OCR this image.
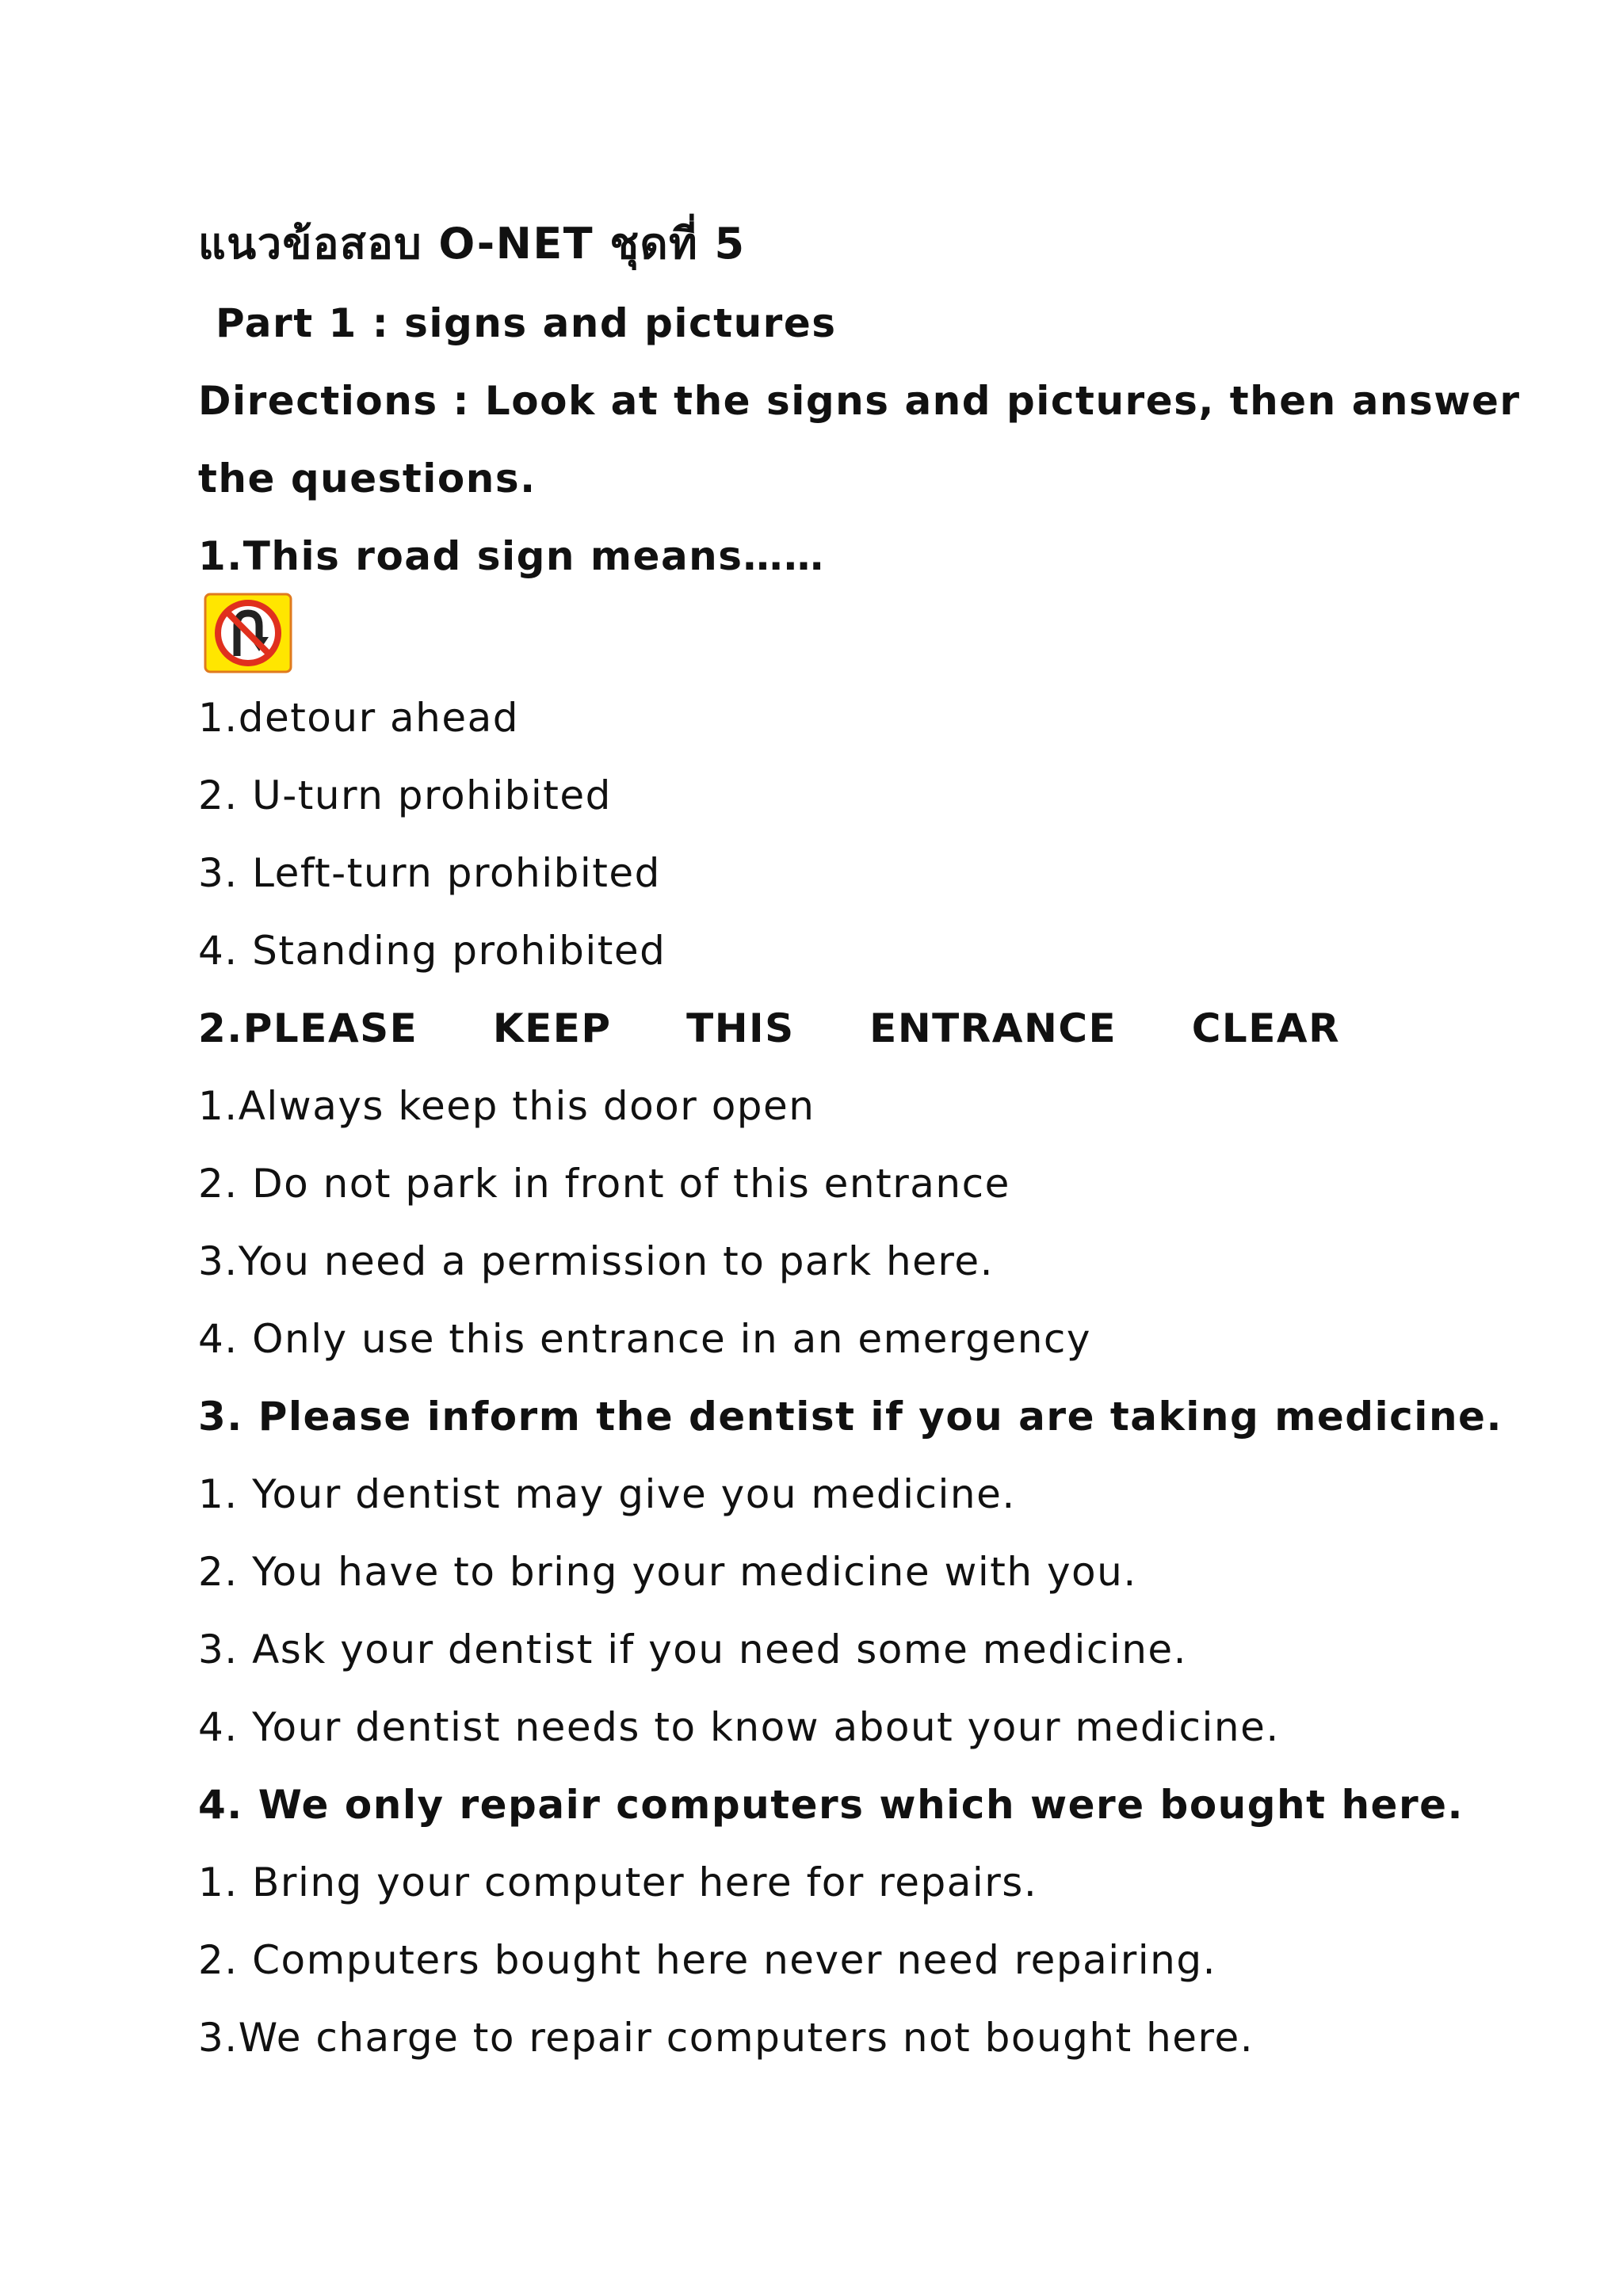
แนวข้อสอบ O-NET ชุดที่ 5
Part 1 : signs and pictures
Directions : Look at the signs and pictures, then answer
the questions.
1.This road sign means……
1.detour ahead
2. U-turn prohibited
3. Left-turn prohibited
4. Standing prohibited
2.PLEASE     KEEP     THIS     ENTRANCE     CLEAR
1.Always keep this door open
2. Do not park in front of this entrance
3.You need a permission to park here.
4. Only use this entrance in an emergency
3. Please inform the dentist if you are taking medicine.
1. Your dentist may give you medicine.
2. You have to bring your medicine with you.
3. Ask your dentist if you need some medicine.
4. Your dentist needs to know about your medicine.
4. We only repair computers which were bought here.
1. Bring your computer here for repairs.
2. Computers bought here never need repairing.
3.We charge to repair computers not bought here.
